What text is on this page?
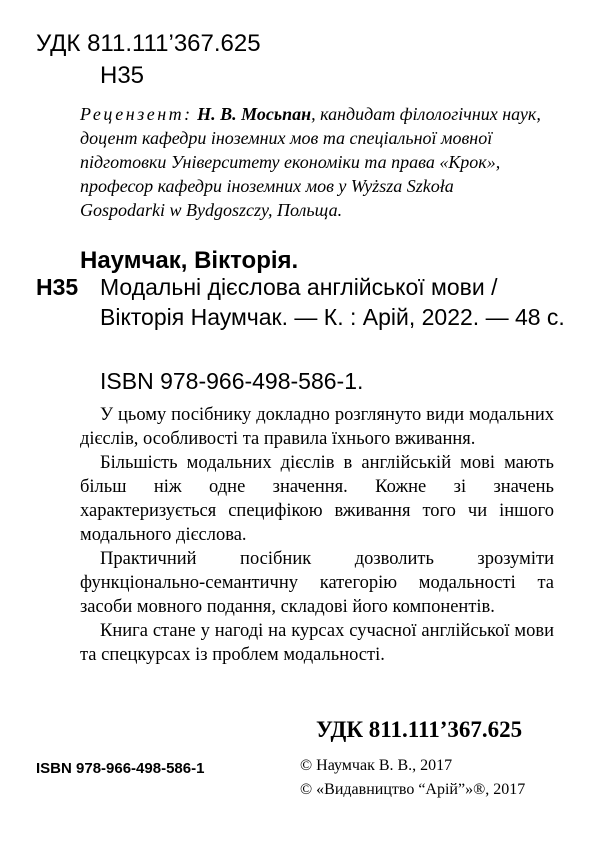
УДК 811.111’367.625
Н35

Рецензент: Н. В. Мосьпан, кандидат філологічних наук, доцент кафедри іноземних мов та спеціальної мовної підготовки Університету економіки та права «Крок», професор кафедри іноземних мов у Wyższa Szkoła Gospodarki w Bydgoszczy, Польща.

Наумчак, Вікторія.
Н35 Модальні дієслова англійської мови / Вікторія Наумчак. — К. : Арій, 2022. — 48 с.

ISBN 978-966-498-586-1.

У цьому посібнику докладно розглянуто види модальних дієслів, особливості та правила їхнього вживання.

Більшість модальних дієслів в англійській мові мають більш ніж одне значення. Кожне зі значень характеризується специфікою вживання того чи іншого модального дієслова.

Практичний посібник дозволить зрозуміти функціонально-семантичну категорію модальності та засоби мовного подання, складові його компонентів.

Книга стане у нагоді на курсах сучасної англійської мови та спецкурсах із проблем модальності.

УДК 811.111’367.625
ISBN 978-966-498-586-1	© Наумчак В. В., 2017
© «Видавництво “Арій”»®, 2017
